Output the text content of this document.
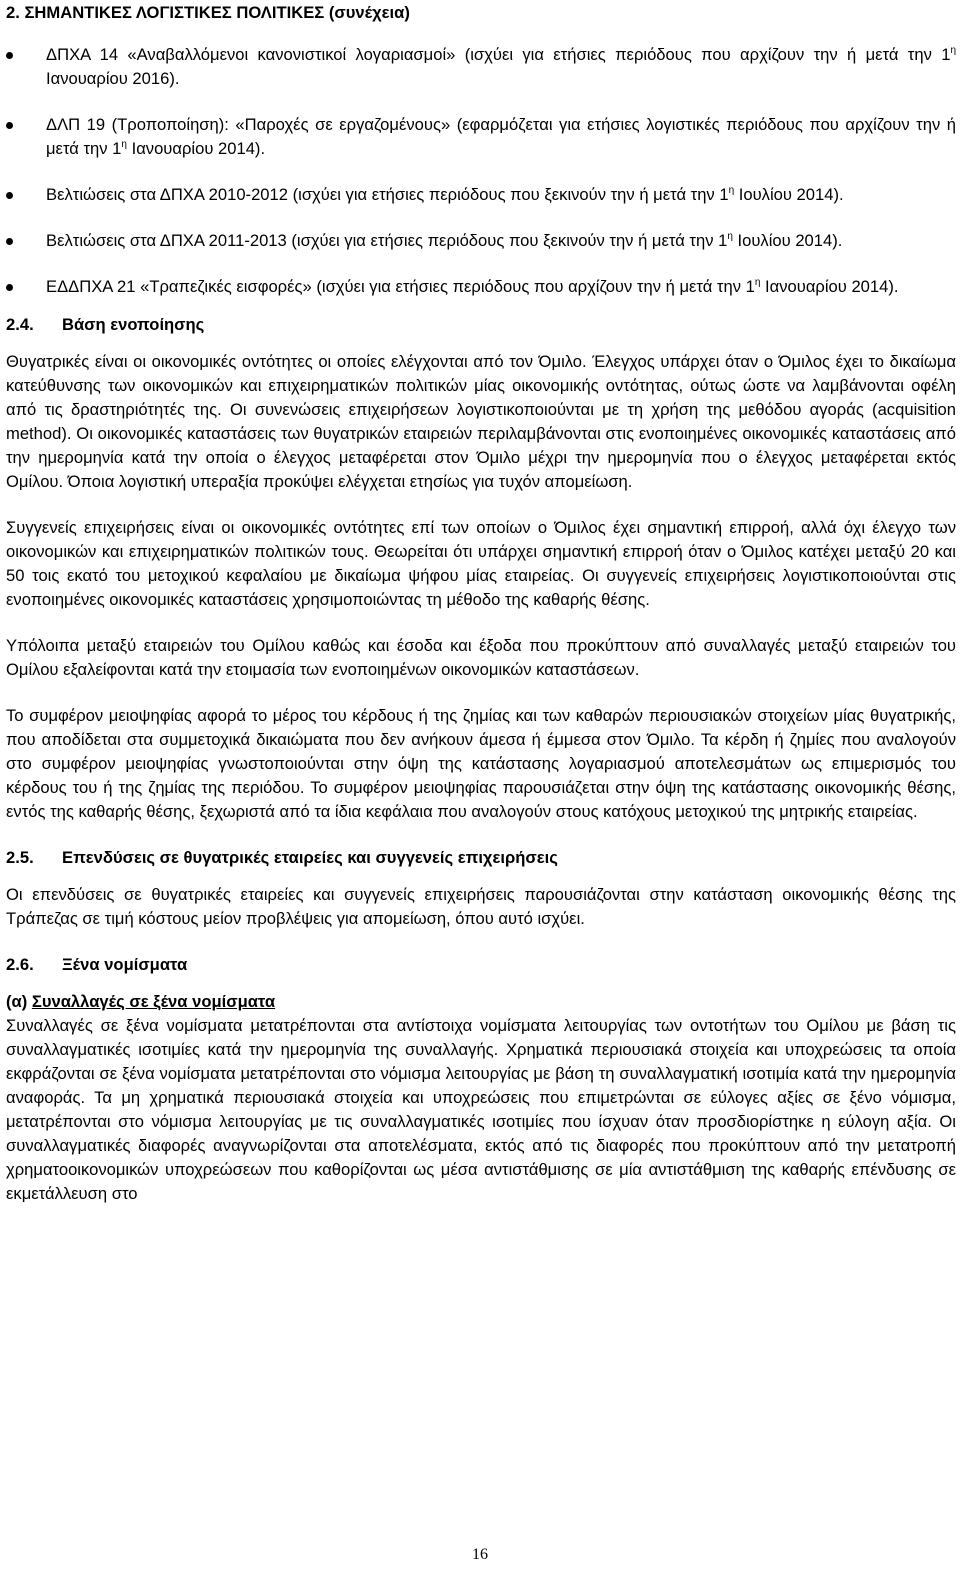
2. ΣΗΜΑΝΤΙΚΕΣ ΛΟΓΙΣΤΙΚΕΣ ΠΟΛΙΤΙΚΕΣ (συνέχεια)
ΔΠΧΑ 14 «Αναβαλλόμενοι κανονιστικοί λογαριασμοί» (ισχύει για ετήσιες περιόδους που αρχίζουν την ή μετά την $1^\eta$ Ιανουαρίου 2016).
ΔΛΠ 19 (Τροποποίηση): «Παροχές σε εργαζομένους» (εφαρμόζεται για ετήσιες λογιστικές περιόδους που αρχίζουν την ή μετά την $1^\eta$ Ιανουαρίου 2014).
Βελτιώσεις στα ΔΠΧΑ 2010-2012 (ισχύει για ετήσιες περιόδους που ξεκινούν την ή μετά την $1^\eta$ Ιουλίου 2014).
Βελτιώσεις στα ΔΠΧΑ 2011-2013 (ισχύει για ετήσιες περιόδους που ξεκινούν την ή μετά την $1^\eta$ Ιουλίου 2014).
ΕΔΔΠΧΑ 21 «Τραπεζικές εισφορές» (ισχύει για ετήσιες περιόδους που αρχίζουν την ή μετά την $1^\eta$ Ιανουαρίου 2014).
2.4. Βάση ενοποίησης

Θυγατρικές είναι οι οικονομικές οντότητες οι οποίες ελέγχονται από τον Όμιλο. Έλεγχος υπάρχει όταν ο Όμιλος έχει το δικαίωμα κατεύθυνσης των οικονομικών και επιχειρηματικών πολιτικών μίας οικονομικής οντότητας, ούτως ώστε να λαμβάνονται οφέλη από τις δραστηριότητές της. Οι συνενώσεις επιχειρήσεων λογιστικοποιούνται με τη χρήση της μεθόδου αγοράς (acquisition method). Οι οικονομικές καταστάσεις των θυγατρικών εταιρειών περιλαμβάνονται στις ενοποιημένες οικονομικές καταστάσεις από την ημερομηνία κατά την οποία ο έλεγχος μεταφέρεται στον Όμιλο μέχρι την ημερομηνία που ο έλεγχος μεταφέρεται εκτός Ομίλου. Όποια λογιστική υπεραξία προκύψει ελέγχεται ετησίως για τυχόν απομείωση.

Συγγενείς επιχειρήσεις είναι οι οικονομικές οντότητες επί των οποίων ο Όμιλος έχει σημαντική επιρροή, αλλά όχι έλεγχο των οικονομικών και επιχειρηματικών πολιτικών τους. Θεωρείται ότι υπάρχει σημαντική επιρροή όταν ο Όμιλος κατέχει μεταξύ 20 και 50 τοις εκατό του μετοχικού κεφαλαίου με δικαίωμα ψήφου μίας εταιρείας. Οι συγγενείς επιχειρήσεις λογιστικοποιούνται στις ενοποιημένες οικονομικές καταστάσεις χρησιμοποιώντας τη μέθοδο της καθαρής θέσης.

Υπόλοιπα μεταξύ εταιρειών του Ομίλου καθώς και έσοδα και έξοδα που προκύπτουν από συναλλαγές μεταξύ εταιρειών του Ομίλου εξαλείφονται κατά την ετοιμασία των ενοποιημένων οικονομικών καταστάσεων.

Το συμφέρον μειοψηφίας αφορά το μέρος του κέρδους ή της ζημίας και των καθαρών περιουσιακών στοιχείων μίας θυγατρικής, που αποδίδεται στα συμμετοχικά δικαιώματα που δεν ανήκουν άμεσα ή έμμεσα στον Όμιλο. Τα κέρδη ή ζημίες που αναλογούν στο συμφέρον μειοψηφίας γνωστοποιούνται στην όψη της κατάστασης λογαριασμού αποτελεσμάτων ως επιμερισμός του κέρδους του ή της ζημίας της περιόδου. Το συμφέρον μειοψηφίας παρουσιάζεται στην όψη της κατάστασης οικονομικής θέσης, εντός της καθαρής θέσης, ξεχωριστά από τα ίδια κεφάλαια που αναλογούν στους κατόχους μετοχικού της μητρικής εταιρείας.

2.5. Επενδύσεις σε θυγατρικές εταιρείες και συγγενείς επιχειρήσεις

Οι επενδύσεις σε θυγατρικές εταιρείες και συγγενείς επιχειρήσεις παρουσιάζονται στην κατάσταση οικονομικής θέσης της Τράπεζας σε τιμή κόστους μείον προβλέψεις για απομείωση, όπου αυτό ισχύει.

2.6. Ξένα νομίσματα
(α) Συναλλαγές σε ξένα νομίσματα

Συναλλαγές σε ξένα νομίσματα μετατρέπονται στα αντίστοιχα νομίσματα λειτουργίας των οντοτήτων του Ομίλου με βάση τις συναλλαγματικές ισοτιμίες κατά την ημερομηνία της συναλλαγής. Χρηματικά περιουσιακά στοιχεία και υποχρεώσεις τα οποία εκφράζονται σε ξένα νομίσματα μετατρέπονται στο νόμισμα λειτουργίας με βάση τη συναλλαγματική ισοτιμία κατά την ημερομηνία αναφοράς. Τα μη χρηματικά περιουσιακά στοιχεία και υποχρεώσεις που επιμετρώνται σε εύλογες αξίες σε ξένο νόμισμα, μετατρέπονται στο νόμισμα λειτουργίας με τις συναλλαγματικές ισοτιμίες που ίσχυαν όταν προσδιορίστηκε η εύλογη αξία. Οι συναλλαγματικές διαφορές αναγνωρίζονται στα αποτελέσματα, εκτός από τις διαφορές που προκύπτουν από την μετατροπή χρηματοοικονομικών υποχρεώσεων που καθορίζονται ως μέσα αντιστάθμισης σε μία αντιστάθμιση της καθαρής επένδυσης σε εκμετάλλευση στο

16
